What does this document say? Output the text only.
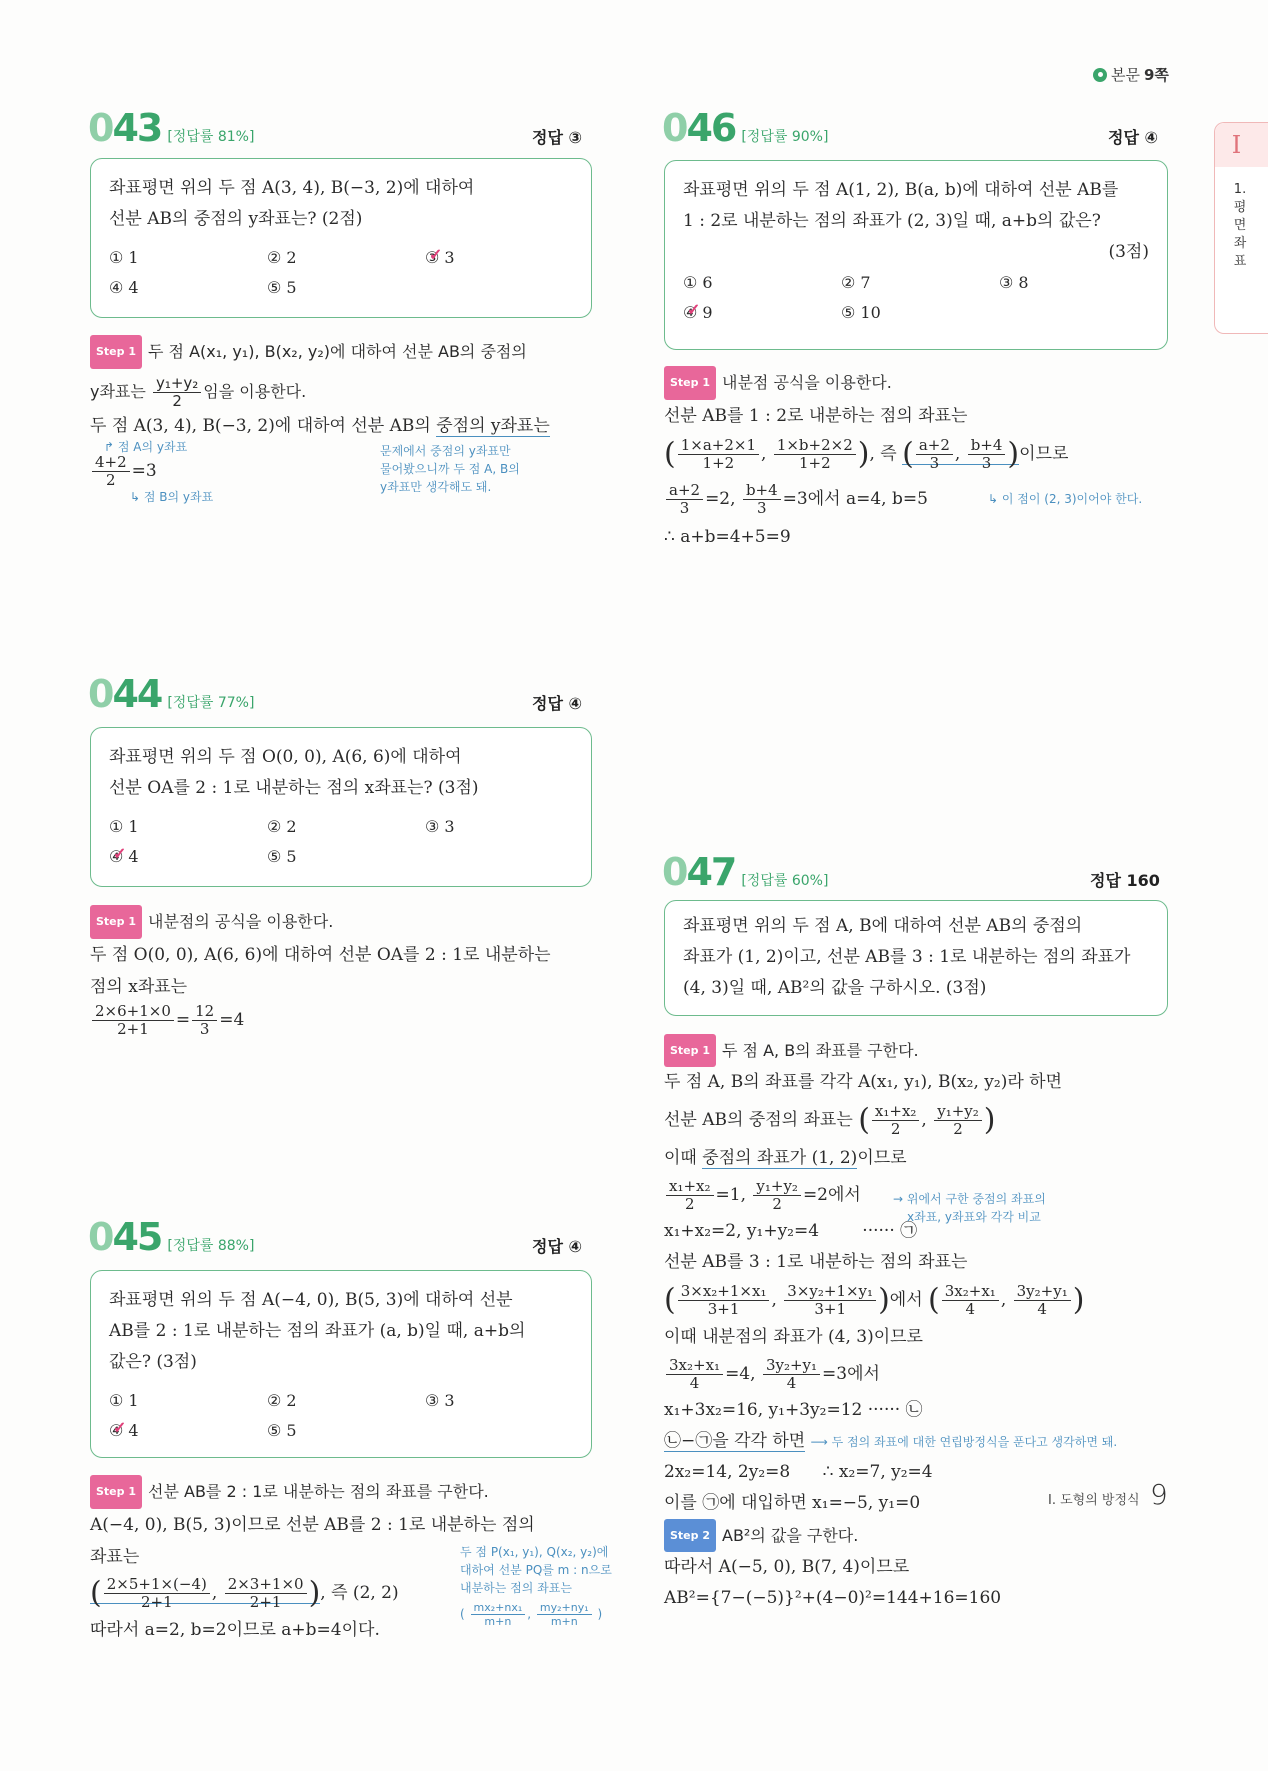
본문 9쪽
I
1. 평면좌표
043 [정답률 81%]	정답 ③
좌표평면 위의 두 점 A(3, 4), B(−3, 2)에 대하여
선분 AB의 중점의 y좌표는? (2점)
① 1	② 2	③ 3
④ 4	⑤ 5
Step 1 두 점 A(x₁, y₁), B(x₂, y₂)에 대하여 선분 AB의 중점의
y좌표는 $\frac{\text{y₁+y₂}}{2}$ 임을 이용한다.
두 점 A(3, 4), B(−3, 2)에 대하여 선분 AB의 중점의 y좌표는
↱ 점 A의 y좌표
$\frac{4+2}{2} =3$
↳ 점 B의 y좌표
문제에서 중점의 y좌표만
물어봤으니까 두 점 A, B의
y좌표만 생각해도 돼.
044 [정답률 77%]	정답 ④
좌표평면 위의 두 점 O(0, 0), A(6, 6)에 대하여
선분 OA를 2 : 1로 내분하는 점의 x좌표는? (3점)
① 1	② 2	③ 3
④ 4	⑤ 5
Step 1 내분점의 공식을 이용한다.
두 점 O(0, 0), A(6, 6)에 대하여 선분 OA를 2 : 1로 내분하는
점의 x좌표는
$\frac{2\times 6+1\times 0}{2+1} = \frac{12}{3} =4$
045 [정답률 88%]	정답 ④
좌표평면 위의 두 점 A(−4, 0), B(5, 3)에 대하여 선분
AB를 2 : 1로 내분하는 점의 좌표가 (a, b)일 때, a+b의
값은? (3점)
① 1	② 2	③ 3
④ 4	⑤ 5
Step 1 선분 AB를 2 : 1로 내분하는 점의 좌표를 구한다.
A(−4, 0), B(5, 3)이므로 선분 AB를 2 : 1로 내분하는 점의
좌표는
( $\frac{2\times 5+1\times(-4)}{2+1}$ , $\frac{2\times 3+1\times 0}{2+1}$ ), 즉 (2, 2)
따라서 a=2, b=2이므로 a+b=4이다.
두 점 P(x₁, y₁), Q(x₂, y₂)에
대하여 선분 PQ를 m : n으로
내분하는 점의 좌표는
( $\frac{\text{mx₂+nx₁}}{m+n}$ , $\frac{\text{my₂+ny₁}}{m+n}$ )
046 [정답률 90%]	정답 ④
좌표평면 위의 두 점 A(1, 2), B(a, b)에 대하여 선분 AB를
1 : 2로 내분하는 점의 좌표가 (2, 3)일 때, a+b의 값은?
(3점)
① 6	② 7	③ 8
④ 9	⑤ 10
Step 1 내분점 공식을 이용한다.
선분 AB를 1 : 2로 내분하는 점의 좌표는
( $\frac{1\times a+2\times 1}{1+2}$ , $\frac{1\times b+2\times 2}{1+2}$ ), 즉 ( $\frac{a+2}{3}$ , $\frac{b+4}{3}$ )이므로
$\frac{a+2}{3} =2$, $\frac{b+4}{3} =3$에서 a=4, b=5
∴ a+b=4+5=9
↳ 이 점이 (2, 3)이어야 한다.
047 [정답률 60%]	정답 160
좌표평면 위의 두 점 A, B에 대하여 선분 AB의 중점의
좌표가 (1, 2)이고, 선분 AB를 3 : 1로 내분하는 점의 좌표가
(4, 3)일 때, AB²의 값을 구하시오. (3점)
Step 1 두 점 A, B의 좌표를 구한다.
두 점 A, B의 좌표를 각각 A(x₁, y₁), B(x₂, y₂)라 하면
선분 AB의 중점의 좌표는 ( $\frac{\text{x₁+x₂}}{2}$ , $\frac{\text{y₁+y₂}}{2}$ )
이때 중점의 좌표가 (1, 2)이므로
$\frac{\text{x₁+x₂}}{2} =1$, $\frac{\text{y₁+y₂}}{2} =2$에서
x₁+x₂=2, y₁+y₂=4	······ ㉠
선분 AB를 3 : 1로 내분하는 점의 좌표는
( $\frac{\text{3×x₂+1×x₁}}{3+1}$ , $\frac{\text{3×y₂+1×y₁}}{3+1}$ )에서 ( $\frac{\text{3x₂+x₁}}{4}$ , $\frac{\text{3y₂+y₁}}{4}$ )
이때 내분점의 좌표가 (4, 3)이므로
$\frac{\text{3x₂+x₁}}{4} =4$, $\frac{\text{3y₂+y₁}}{4} =3$에서
x₁+3x₂=16, y₁+3y₂=12 ······ ㉡
㉡−㉠을 각각 하면 ⟶ 두 점의 좌표에 대한 연립방정식을 푼다고 생각하면 돼.
2x₂=14, 2y₂=8 ∴ x₂=7, y₂=4
이를 ㉠에 대입하면 x₁=−5, y₁=0
Step 2 AB²의 값을 구한다.
따라서 A(−5, 0), B(7, 4)이므로
AB²={7−(−5)}²+(4−0)²=144+16=160
→ 위에서 구한 중점의 좌표의
x좌표, y좌표와 각각 비교
I. 도형의 방정식 9
